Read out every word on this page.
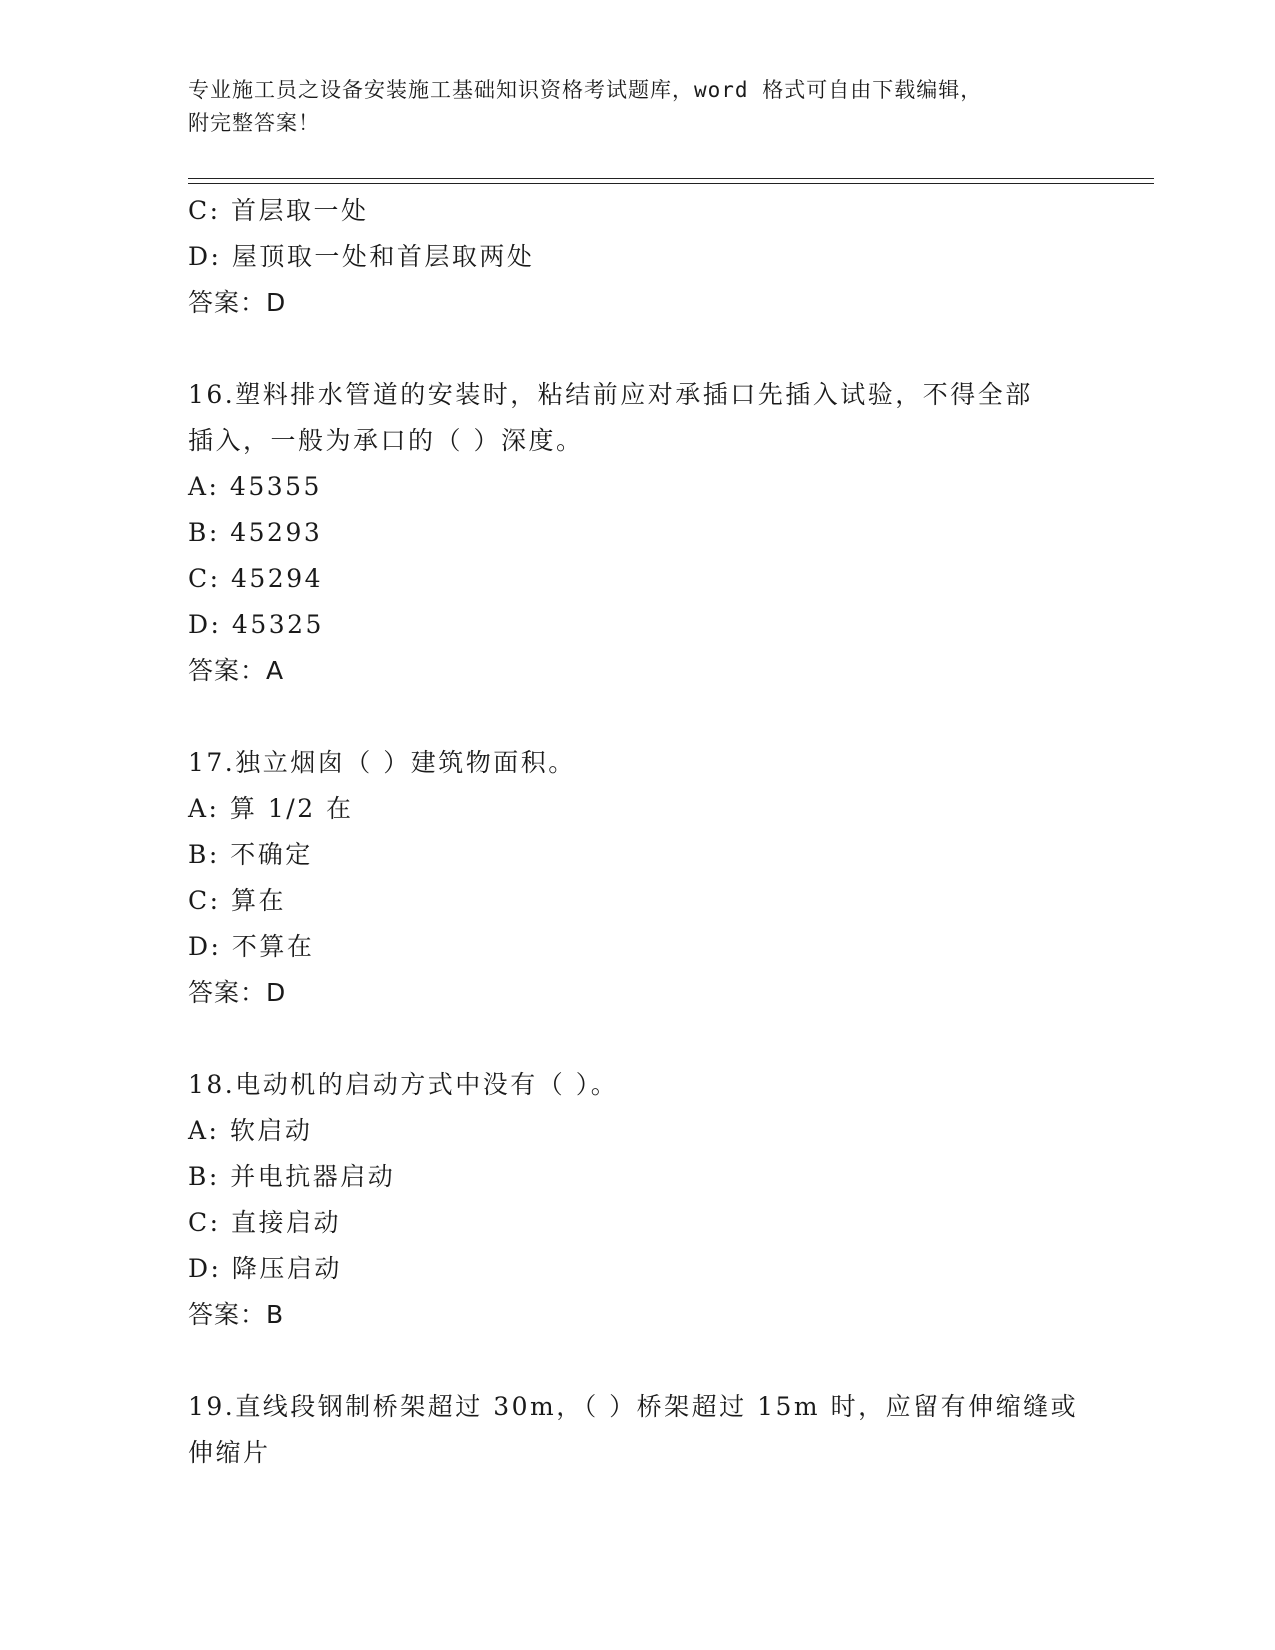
专业施工员之设备安装施工基础知识资格考试题库，word 格式可自由下载编辑，
附完整答案！
C: 首层取一处
D: 屋顶取一处和首层取两处
答案：D
16.塑料排水管道的安装时，粘结前应对承插口先插入试验，不得全部
插入，一般为承口的（ ）深度。
A: 45355
B: 45293
C: 45294
D: 45325
答案：A
17.独立烟囱（ ）建筑物面积。
A: 算 1/2 在
B: 不确定
C: 算在
D: 不算在
答案：D
18.电动机的启动方式中没有（ ）。
A: 软启动
B: 并电抗器启动
C: 直接启动
D: 降压启动
答案：B
19.直线段钢制桥架超过 30m，（ ）桥架超过 15m 时，应留有伸缩缝或
伸缩片
